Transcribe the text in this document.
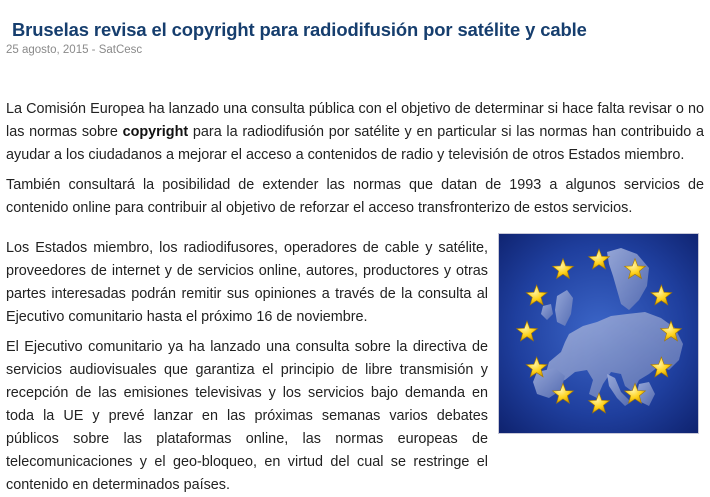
Bruselas revisa el copyright para radiodifusión por satélite y cable
25 agosto, 2015 - SatCesc

La Comisión Europea ha lanzado una consulta pública con el objetivo de determinar si hace falta revisar o no las normas sobre copyright para la radiodifusión por satélite y en particular si las normas han contribuido a ayudar a los ciudadanos a mejorar el acceso a contenidos de radio y televisión de otros Estados miembro.

También consultará la posibilidad de extender las normas que datan de 1993 a algunos servicios de contenido online para contribuir al objetivo de reforzar el acceso transfronterizo de estos servicios.

Los Estados miembro, los radiodifusores, operadores de cable y satélite, proveedores de internet y de servicios online, autores, productores y otras partes interesadas podrán remitir sus opiniones a través de la consulta al Ejecutivo comunitario hasta el próximo 16 de noviembre.

El Ejecutivo comunitario ya ha lanzado una consulta sobre la directiva de servicios audiovisuales que garantiza el principio de libre transmisión y recepción de las emisiones televisivas y los servicios bajo demanda en toda la UE y prevé lanzar en las próximas semanas varios debates públicos sobre las plataformas online, las normas europeas de telecomunicaciones y el geo-bloqueo, en virtud del cual se restringe el contenido en determinados países.
